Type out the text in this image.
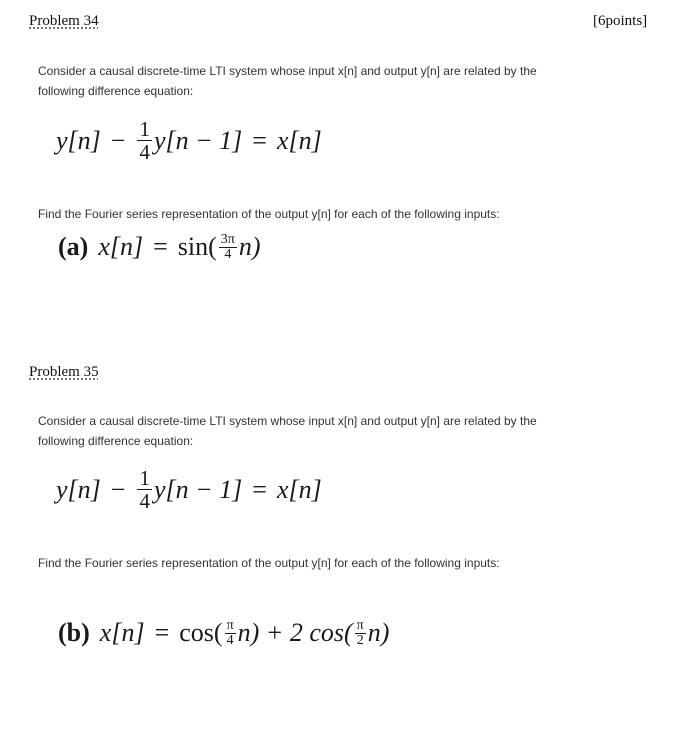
Problem 34	[6points]
Consider a causal discrete-time LTI system whose input x[n] and output y[n] are related by the
following difference equation:
$y[n] - \frac{1}{4} y[n - 1] = x[n]$
Find the Fourier series representation of the output y[n] for each of the following inputs:
(a) $x[n] = \sin( \frac{3\pi}{4} n)$
Problem 35
Consider a causal discrete-time LTI system whose input x[n] and output y[n] are related by the
following difference equation:
$y[n] - \frac{1}{4} y[n - 1] = x[n]$
Find the Fourier series representation of the output y[n] for each of the following inputs:
(b) $x[n] = \cos( \frac{\pi}{4} n) + 2$ $\cos( \frac{\pi}{2} n)$
